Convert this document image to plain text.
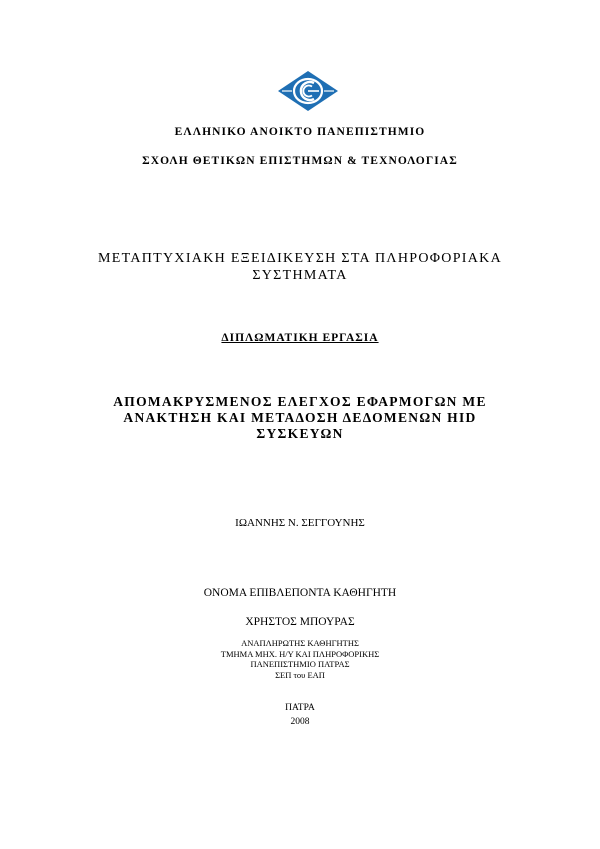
ΕΛΛΗΝΙΚΟ ΑΝΟΙΚΤΟ ΠΑΝΕΠΙΣΤΗΜΙΟ
ΣΧΟΛΗ ΘΕΤΙΚΩΝ ΕΠΙΣΤΗΜΩΝ & ΤΕΧΝΟΛΟΓΙΑΣ
ΜΕΤΑΠΤΥΧΙΑΚΗ ΕΞΕΙΔΙΚΕΥΣΗ ΣΤΑ ΠΛΗΡΟΦΟΡΙΑΚΑ
ΣΥΣΤΗΜΑΤΑ
ΔΙΠΛΩΜΑΤΙΚΗ ΕΡΓΑΣΙΑ
ΑΠΟΜΑΚΡΥΣΜΕΝΟΣ ΕΛΕΓΧΟΣ ΕΦΑΡΜΟΓΩΝ ΜΕ
ΑΝΑΚΤΗΣΗ ΚΑΙ ΜΕΤΑΔΟΣΗ ΔΕΔΟΜΕΝΩΝ HID
ΣΥΣΚΕΥΩΝ
ΙΩΑΝΝΗΣ Ν. ΣΕΓΓΟΥΝΗΣ
ΟΝΟΜΑ ΕΠΙΒΛΕΠΟΝΤΑ ΚΑΘΗΓΗΤΗ
ΧΡΗΣΤΟΣ ΜΠΟΥΡΑΣ
ΑΝΑΠΛΗΡΩΤΗΣ ΚΑΘΗΓΗΤΗΣ
ΤΜΗΜΑ ΜΗΧ. Η/Υ ΚΑΙ ΠΛΗΡΟΦΟΡΙΚΗΣ
ΠΑΝΕΠΙΣΤΗΜΙΟ ΠΑΤΡΑΣ
ΣΕΠ του ΕΑΠ
ΠΑΤΡΑ
2008
